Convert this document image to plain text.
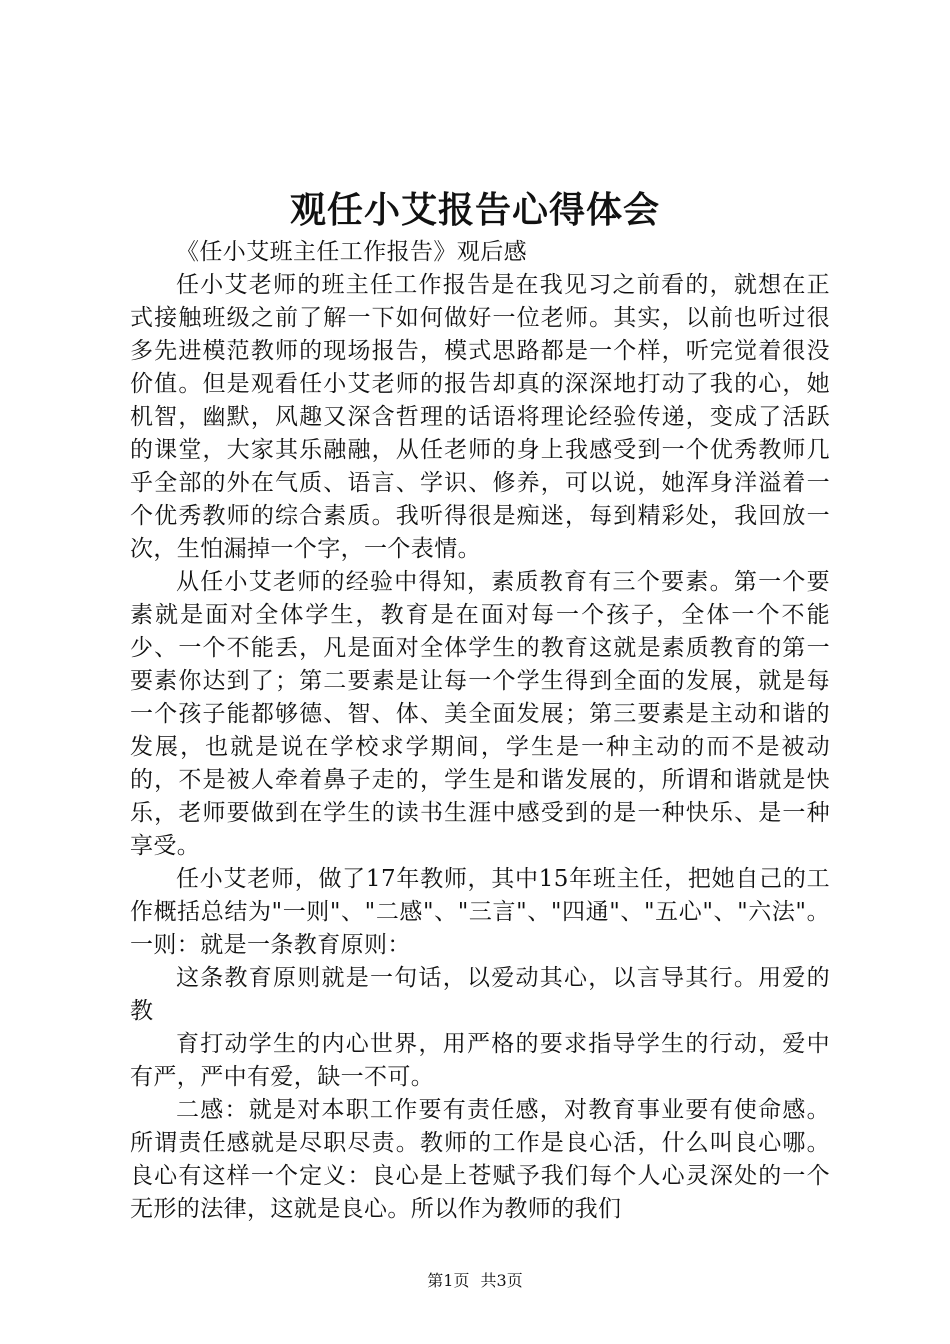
观任小艾报告心得体会

《任小艾班主任工作报告》观后感

任小艾老师的班主任工作报告是在我见习之前看的，就想在正式接触班级之前了解一下如何做好一位老师。其实，以前也听过很多先进模范教师的现场报告，模式思路都是一个样，听完觉着很没价值。但是观看任小艾老师的报告却真的深深地打动了我的心，她机智，幽默，风趣又深含哲理的话语将理论经验传递，变成了活跃的课堂，大家其乐融融，从任老师的身上我感受到一个优秀教师几乎全部的外在气质、语言、学识、修养，可以说，她浑身洋溢着一个优秀教师的综合素质。我听得很是痴迷，每到精彩处，我回放一次，生怕漏掉一个字，一个表情。

从任小艾老师的经验中得知，素质教育有三个要素。第一个要素就是面对全体学生，教育是在面对每一个孩子，全体一个不能少、一个不能丢，凡是面对全体学生的教育这就是素质教育的第一要素你达到了；第二要素是让每一个学生得到全面的发展，就是每一个孩子能都够德、智、体、美全面发展；第三要素是主动和谐的发展，也就是说在学校求学期间，学生是一种主动的而不是被动的，不是被人牵着鼻子走的，学生是和谐发展的，所谓和谐就是快乐，老师要做到在学生的读书生涯中感受到的是一种快乐、是一种享受。

任小艾老师，做了17年教师，其中15年班主任，把她自己的工作概括总结为"一则"、"二感"、"三言"、"四通"、"五心"、"六法"。一则：就是一条教育原则：

这条教育原则就是一句话，以爱动其心，以言导其行。用爱的教

育打动学生的内心世界，用严格的要求指导学生的行动，爱中有严，严中有爱，缺一不可。

二感：就是对本职工作要有责任感，对教育事业要有使命感。所谓责任感就是尽职尽责。教师的工作是良心活，什么叫良心哪。良心有这样一个定义：良心是上苍赋予我们每个人心灵深处的一个无形的法律，这就是良心。所以作为教师的我们

第1页 共3页
